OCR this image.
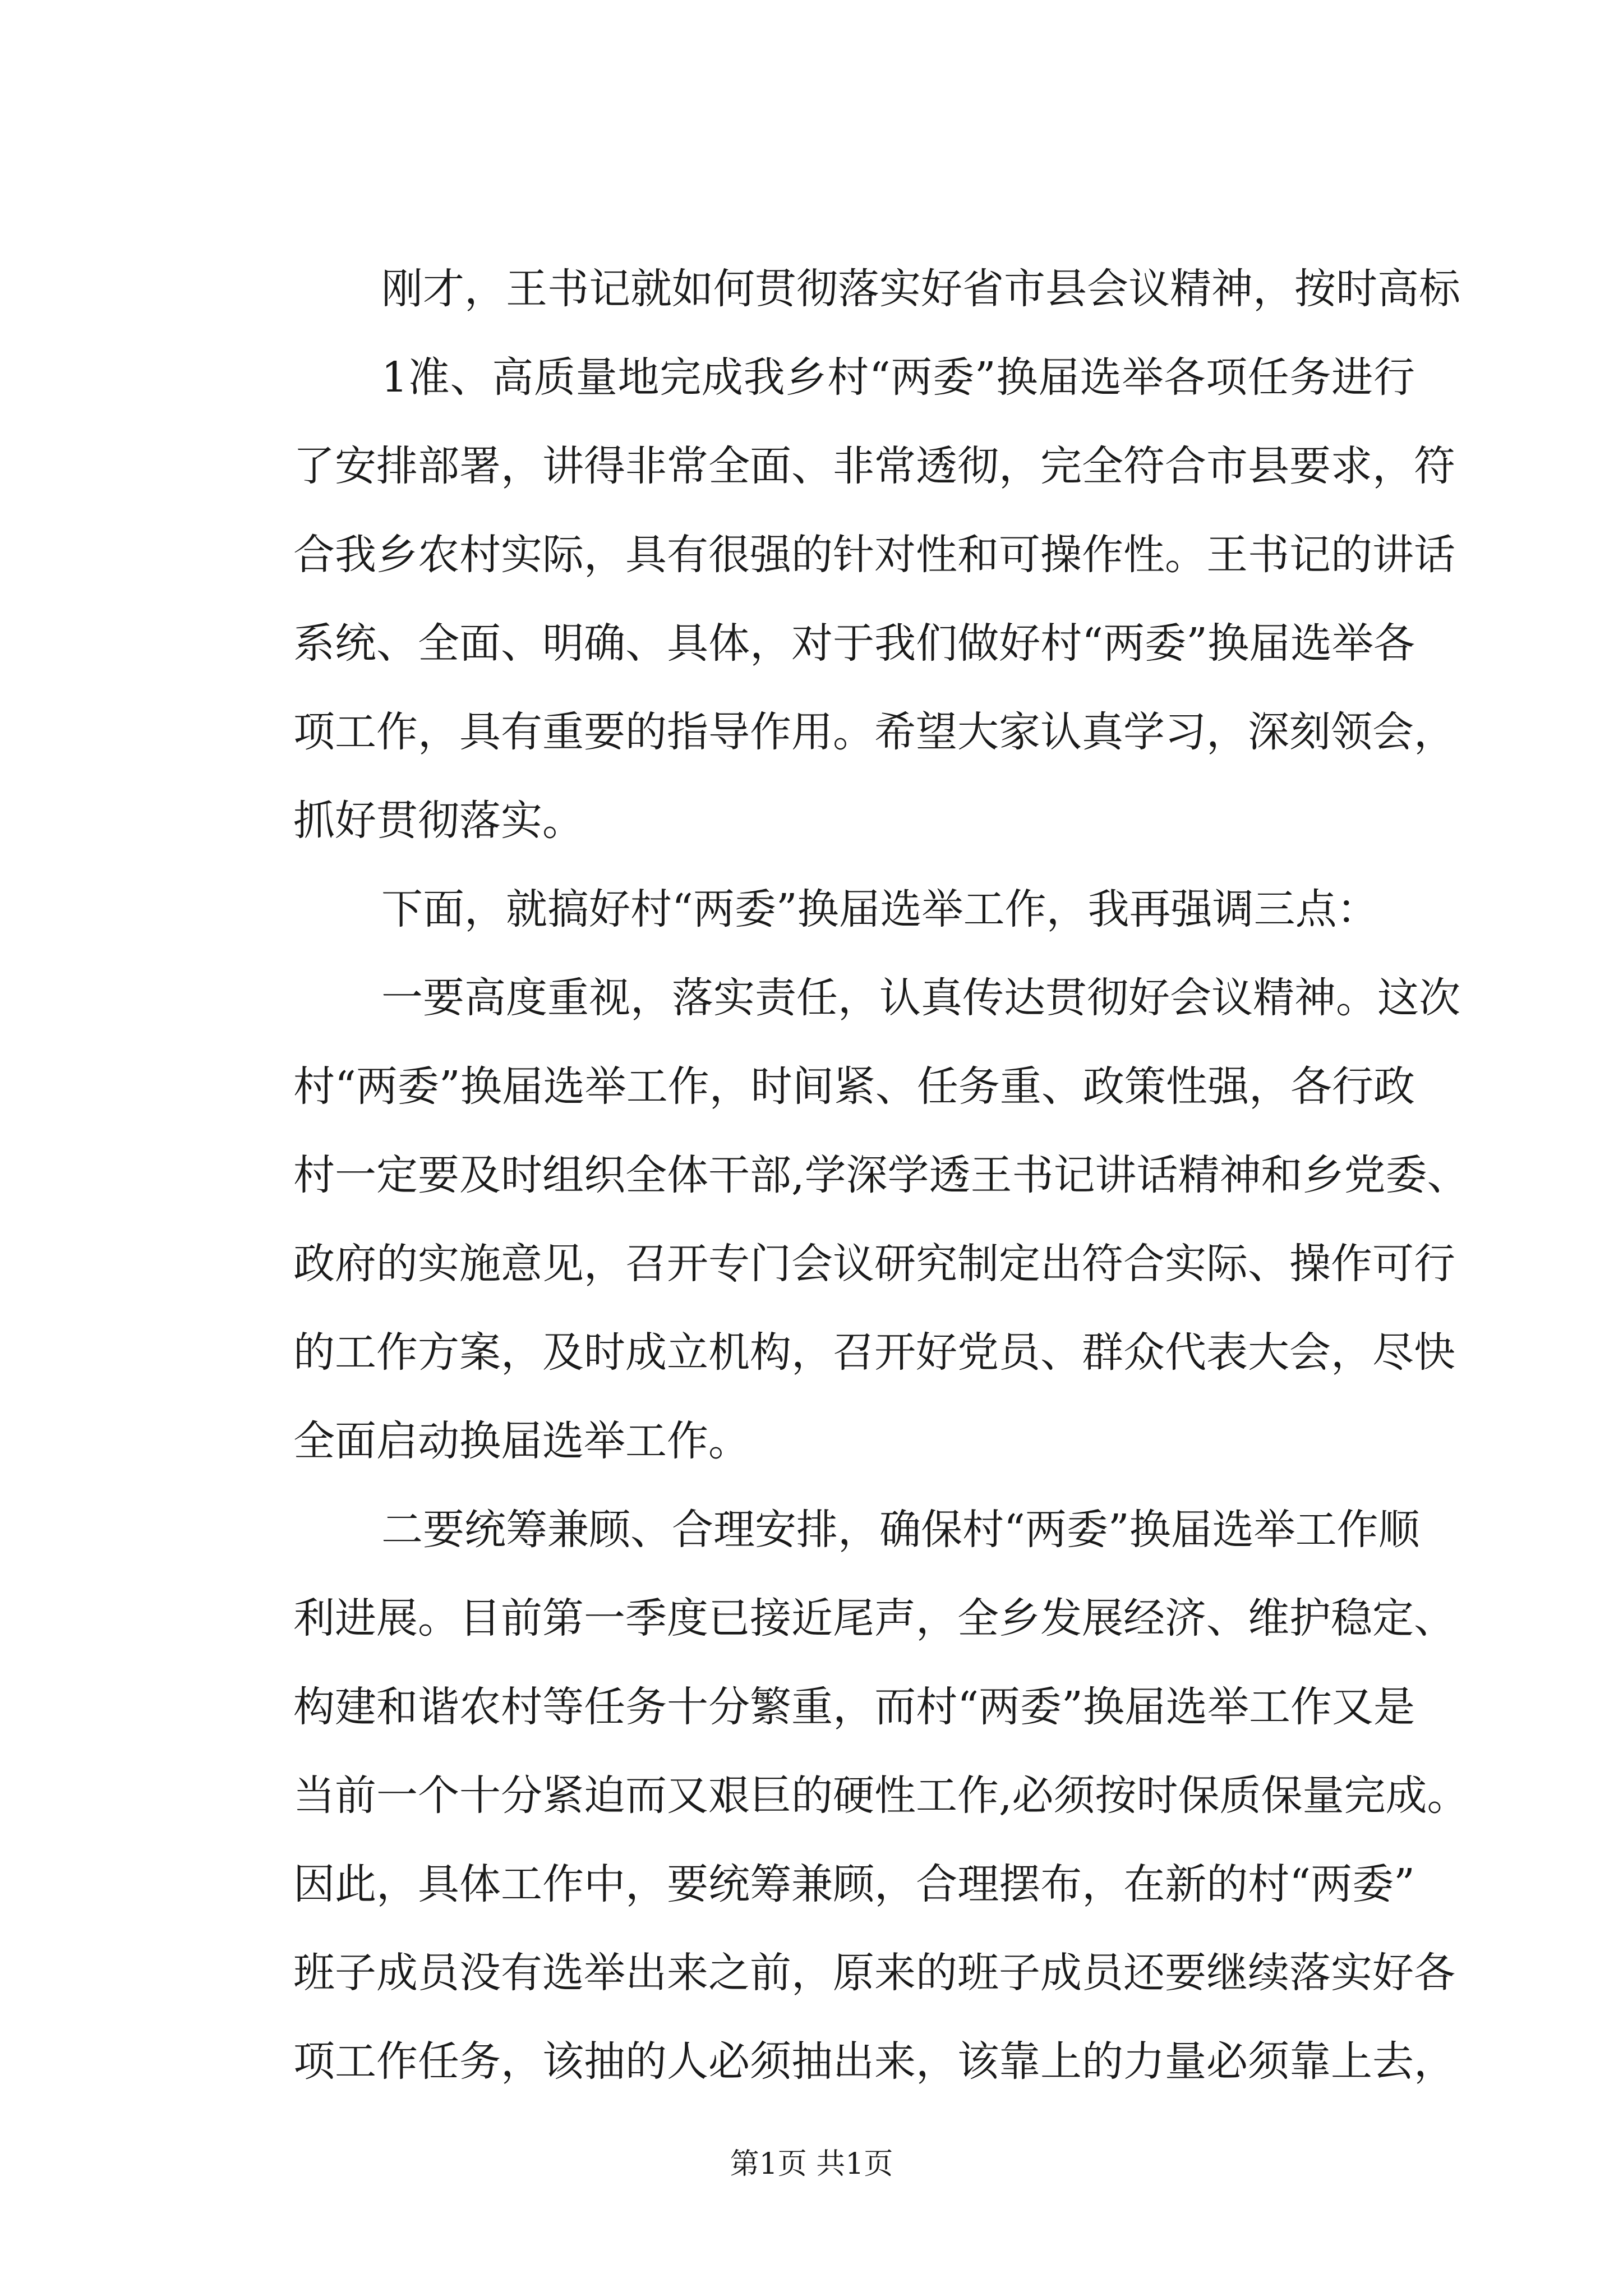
刚才，王书记就如何贯彻落实好省市县会议精神，按时高标
1准、高质量地完成我乡村“两委”换届选举各项任务进行
了安排部署，讲得非常全面、非常透彻，完全符合市县要求，符
合我乡农村实际，具有很强的针对性和可操作性。王书记的讲话
系统、全面、明确、具体，对于我们做好村“两委”换届选举各
项工作，具有重要的指导作用。希望大家认真学习，深刻领会，
抓好贯彻落实。
下面，就搞好村“两委”换届选举工作，我再强调三点：
一要高度重视，落实责任，认真传达贯彻好会议精神。这次
村“两委”换届选举工作，时间紧、任务重、政策性强，各行政
村一定要及时组织全体干部,学深学透王书记讲话精神和乡党委、
政府的实施意见，召开专门会议研究制定出符合实际、操作可行
的工作方案，及时成立机构，召开好党员、群众代表大会，尽快
全面启动换届选举工作。
二要统筹兼顾、合理安排，确保村“两委”换届选举工作顺
利进展。目前第一季度已接近尾声，全乡发展经济、维护稳定、
构建和谐农村等任务十分繁重，而村“两委”换届选举工作又是
当前一个十分紧迫而又艰巨的硬性工作,必须按时保质保量完成。
因此，具体工作中，要统筹兼顾，合理摆布，在新的村“两委”
班子成员没有选举出来之前，原来的班子成员还要继续落实好各
项工作任务，该抽的人必须抽出来，该靠上的力量必须靠上去，
第1页 共1页
